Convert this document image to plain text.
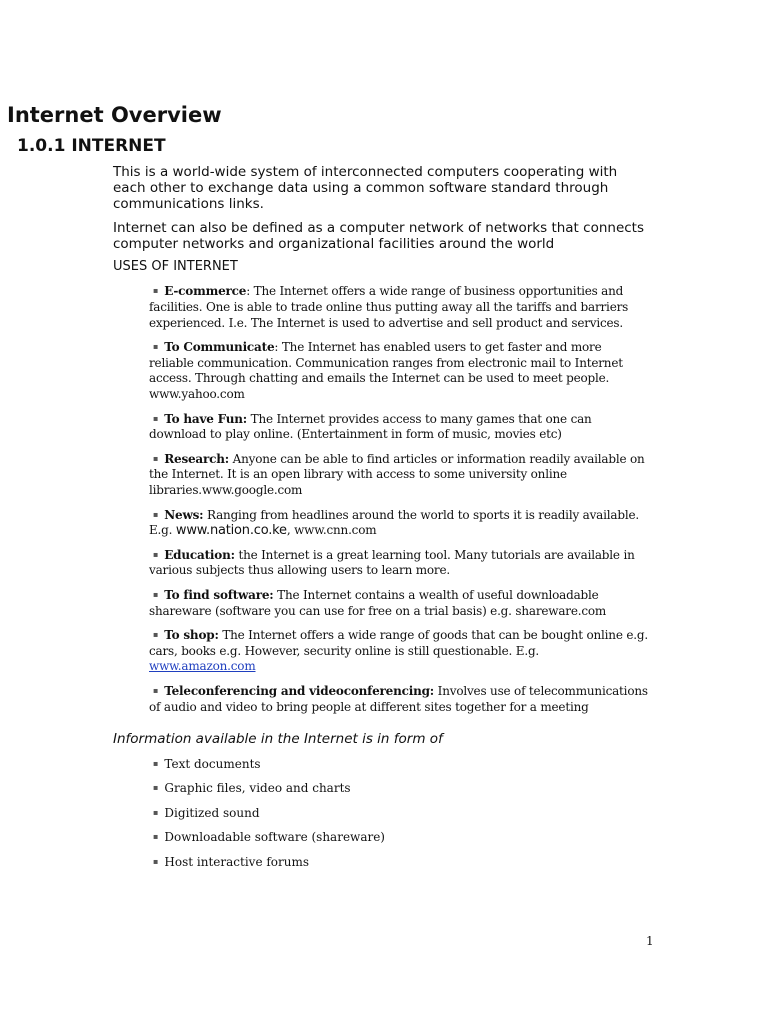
Internet Overview
1.0.1 INTERNET

This is a world-wide system of interconnected computers cooperating with each other to exchange data using a common software standard through communications links.

Internet can also be defined as a computer network of networks that connects computer networks and organizational facilities around the world

USES OF INTERNET

▪ E-commerce: The Internet offers a wide range of business opportunities and facilities. One is able to trade online thus putting away all the tariffs and barriers experienced. I.e. The Internet is used to advertise and sell product and services.
▪ To Communicate: The Internet has enabled users to get faster and more reliable communication. Communication ranges from electronic mail to Internet access. Through chatting and emails the Internet can be used to meet people. www.yahoo.com
▪ To have Fun: The Internet provides access to many games that one can download to play online. (Entertainment in form of music, movies etc)
▪ Research: Anyone can be able to find articles or information readily available on the Internet. It is an open library with access to some university online libraries.www.google.com
▪ News: Ranging from headlines around the world to sports it is readily available. E.g. www.nation.co.ke, www.cnn.com
▪ Education: the Internet is a great learning tool. Many tutorials are available in various subjects thus allowing users to learn more.
▪ To find software: The Internet contains a wealth of useful downloadable shareware (software you can use for free on a trial basis) e.g. shareware.com
▪ To shop: The Internet offers a wide range of goods that can be bought online e.g. cars, books e.g. However, security online is still questionable. E.g. www.amazon.com
▪ Teleconferencing and videoconferencing: Involves use of telecommunications of audio and video to bring people at different sites together for a meeting

Information available in the Internet is in form of

▪ Text documents
▪ Graphic files, video and charts
▪ Digitized sound
▪ Downloadable software (shareware)
▪ Host interactive forums
1
